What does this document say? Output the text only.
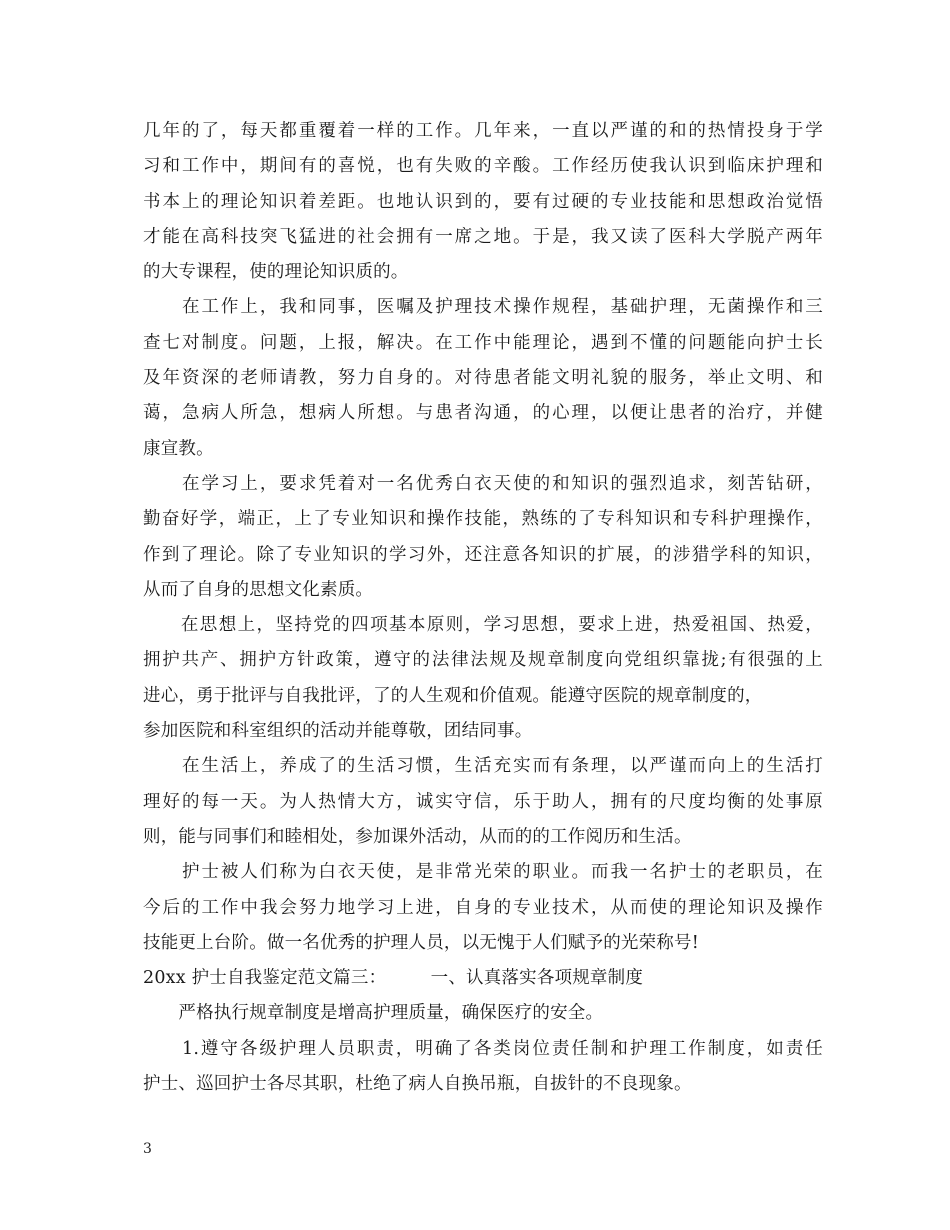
几年的了，每天都重覆着一样的工作。几年来，一直以严谨的和的热情投身于学
习和工作中，期间有的喜悦，也有失败的辛酸。工作经历使我认识到临床护理和
书本上的理论知识着差距。也地认识到的，要有过硬的专业技能和思想政治觉悟
才能在高科技突飞猛进的社会拥有一席之地。于是，我又读了医科大学脱产两年
的大专课程，使的理论知识质的。
　　在工作上，我和同事，医嘱及护理技术操作规程，基础护理，无菌操作和三
查七对制度。问题，上报，解决。在工作中能理论，遇到不懂的问题能向护士长
及年资深的老师请教，努力自身的。对待患者能文明礼貌的服务，举止文明、和
蔼，急病人所急，想病人所想。与患者沟通，的心理，以便让患者的治疗，并健
康宣教。
　　在学习上，要求凭着对一名优秀白衣天使的和知识的强烈追求，刻苦钻研，
勤奋好学，端正，上了专业知识和操作技能，熟练的了专科知识和专科护理操作，
作到了理论。除了专业知识的学习外，还注意各知识的扩展，的涉猎学科的知识，
从而了自身的思想文化素质。
　　在思想上，坚持党的四项基本原则，学习思想，要求上进，热爱祖国、热爱，
拥护共产、拥护方针政策，遵守的法律法规及规章制度向党组织靠拢;有很强的上
进心，勇于批评与自我批评，了的人生观和价值观。能遵守医院的规章制度的，
参加医院和科室组织的活动并能尊敬，团结同事。
　　在生活上，养成了的生活习惯，生活充实而有条理，以严谨而向上的生活打
理好的每一天。为人热情大方，诚实守信，乐于助人，拥有的尺度均衡的处事原
则，能与同事们和睦相处，参加课外活动，从而的的工作阅历和生活。
　　护士被人们称为白衣天使，是非常光荣的职业。而我一名护士的老职员，在
今后的工作中我会努力地学习上进，自身的专业技术，从而使的理论知识及操作
技能更上台阶。做一名优秀的护理人员，以无愧于人们赋予的光荣称号!
20xx 护士自我鉴定范文篇三：　　　一、认真落实各项规章制度
　　严格执行规章制度是增高护理质量，确保医疗的安全。
　　1.遵守各级护理人员职责，明确了各类岗位责任制和护理工作制度，如责任
护士、巡回护士各尽其职，杜绝了病人自换吊瓶，自拔针的不良现象。
3
